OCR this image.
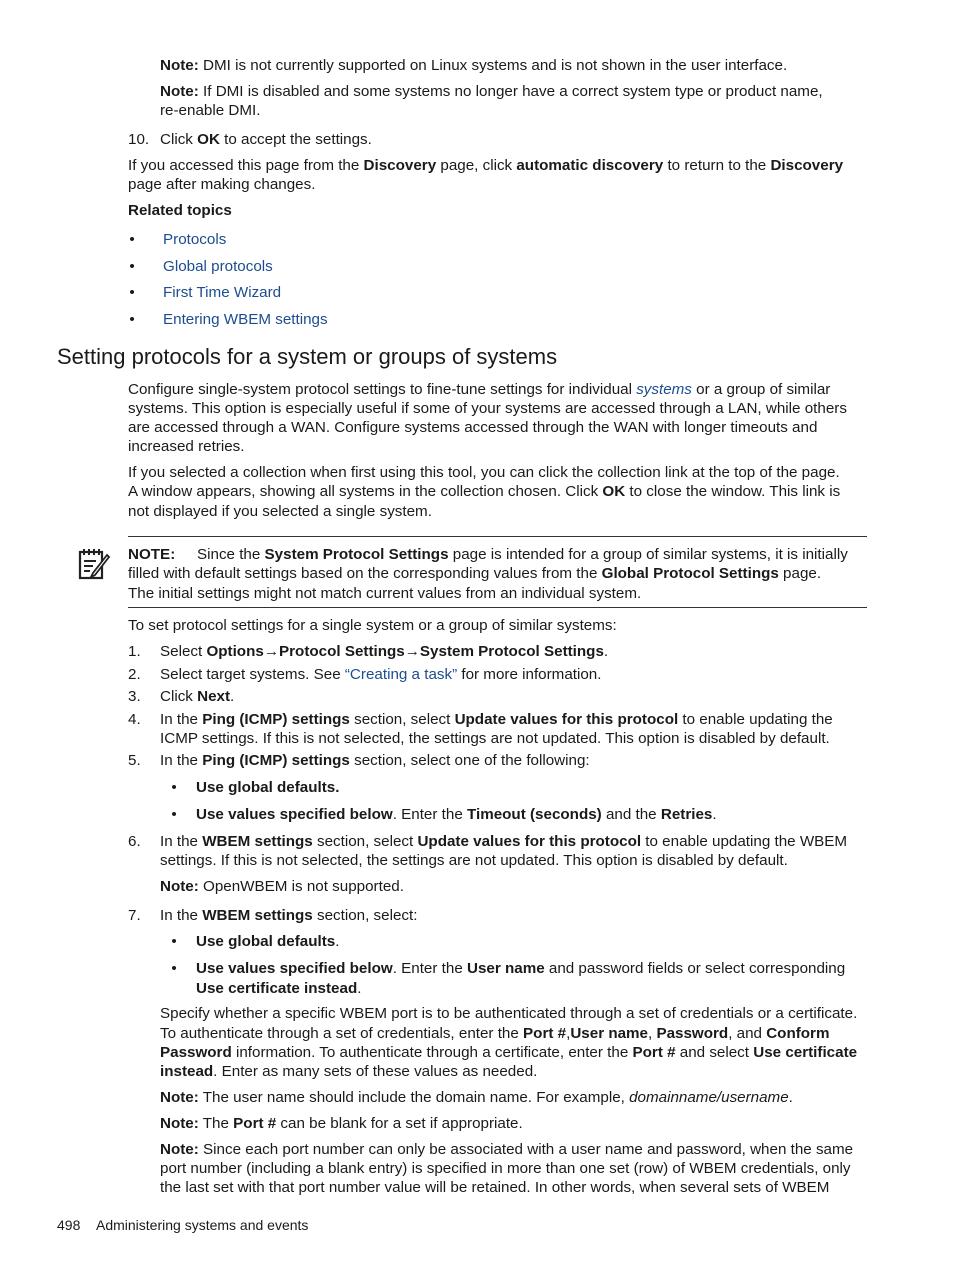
Note: DMI is not currently supported on Linux systems and is not shown in the user interface.
Note: If DMI is disabled and some systems no longer have a correct system type or product name,
re-enable DMI.
10. Click OK to accept the settings.
If you accessed this page from the Discovery page, click automatic discovery to return to the Discovery
page after making changes.
Related topics
•	Protocols
•	Global protocols
•	First Time Wizard
•	Entering WBEM settings
Setting protocols for a system or groups of systems
Configure single-system protocol settings to fine-tune settings for individual systems or a group of similar
systems. This option is especially useful if some of your systems are accessed through a LAN, while others
are accessed through a WAN. Configure systems accessed through the WAN with longer timeouts and
increased retries.
If you selected a collection when first using this tool, you can click the collection link at the top of the page.
A window appears, showing all systems in the collection chosen. Click OK to close the window. This link is
not displayed if you selected a single system.
NOTE: Since the System Protocol Settings page is intended for a group of similar systems, it is initially
filled with default settings based on the corresponding values from the Global Protocol Settings page.
The initial settings might not match current values from an individual system.
To set protocol settings for a single system or a group of similar systems:
1.	Select Options→Protocol Settings→System Protocol Settings.
2.	Select target systems. See “Creating a task” for more information.
3.	Click Next.
4.	In the Ping (ICMP) settings section, select Update values for this protocol to enable updating the
ICMP settings. If this is not selected, the settings are not updated. This option is disabled by default.
5.	In the Ping (ICMP) settings section, select one of the following:
•	Use global defaults.
•	Use values specified below. Enter the Timeout (seconds) and the Retries.
6.	In the WBEM settings section, select Update values for this protocol to enable updating the WBEM
settings. If this is not selected, the settings are not updated. This option is disabled by default.
Note: OpenWBEM is not supported.
7.	In the WBEM settings section, select:
•	Use global defaults.
•	Use values specified below. Enter the User name and password fields or select corresponding
Use certificate instead.
Specify whether a specific WBEM port is to be authenticated through a set of credentials or a certificate.
To authenticate through a set of credentials, enter the Port #,User name, Password, and Conform
Password information. To authenticate through a certificate, enter the Port # and select Use certificate
instead. Enter as many sets of these values as needed.
Note: The user name should include the domain name. For example, domainname/username.
Note: The Port # can be blank for a set if appropriate.
Note: Since each port number can only be associated with a user name and password, when the same
port number (including a blank entry) is specified in more than one set (row) of WBEM credentials, only
the last set with that port number value will be retained. In other words, when several sets of WBEM
498 Administering systems and events
